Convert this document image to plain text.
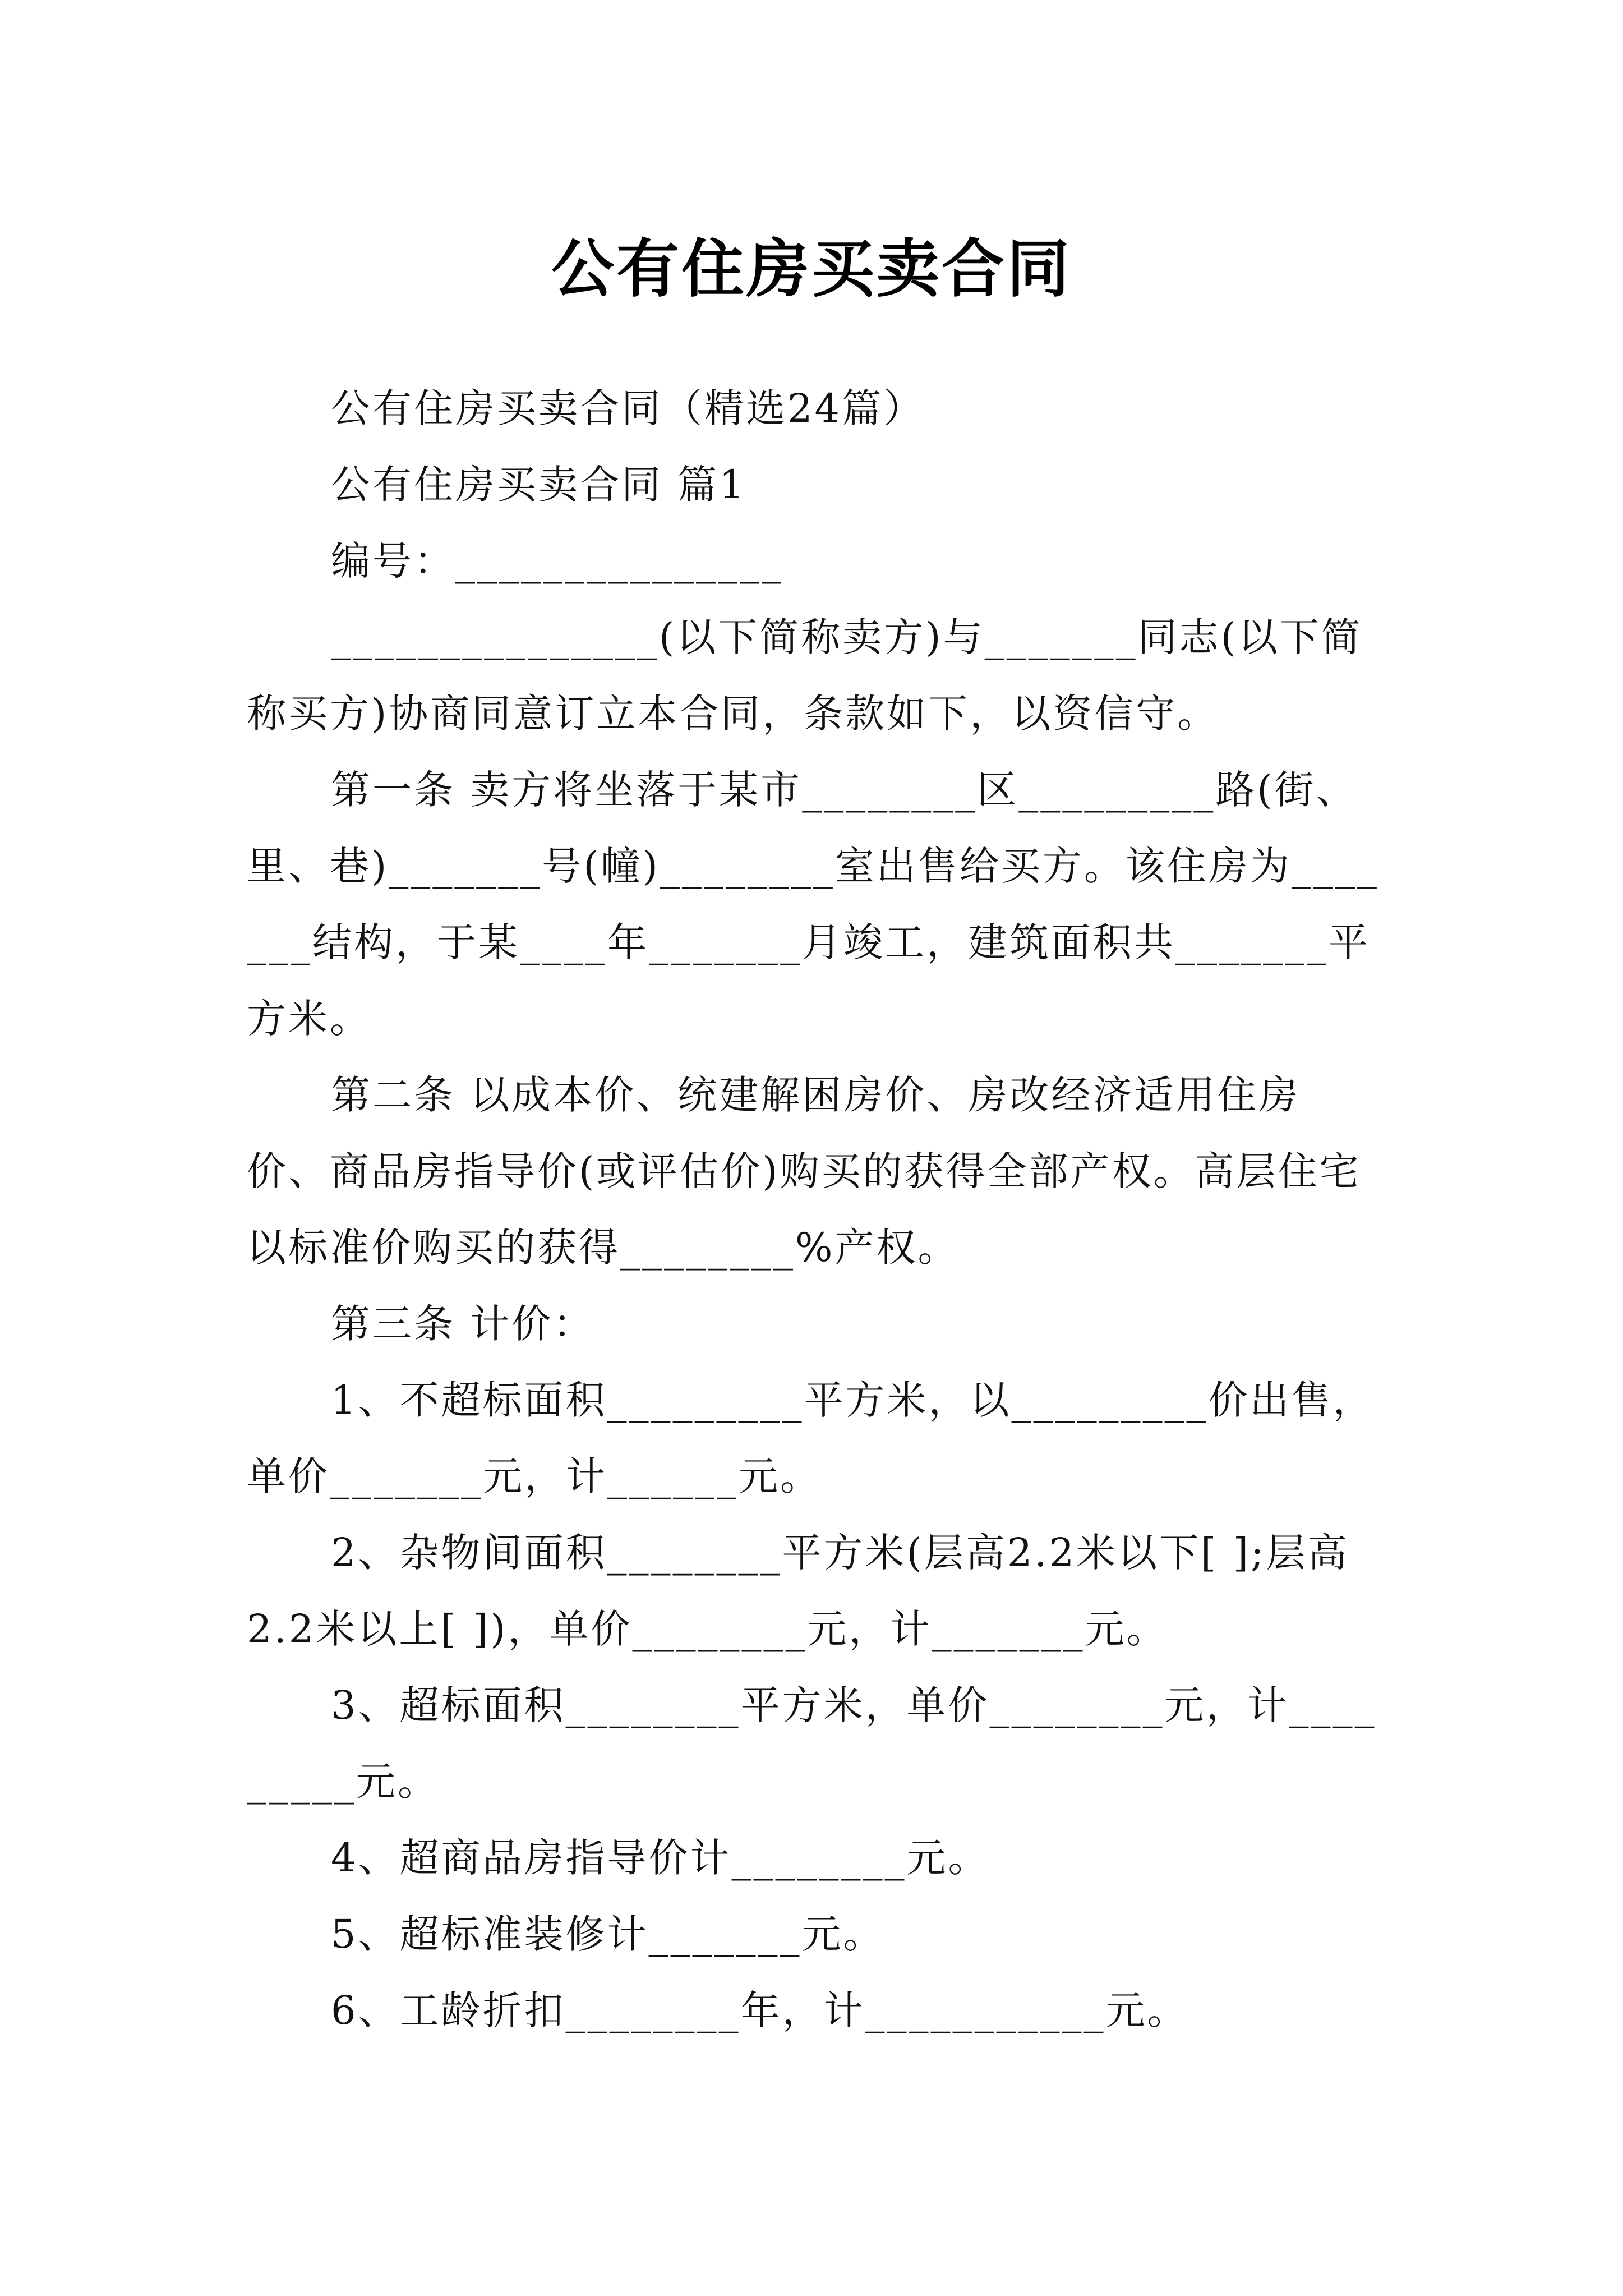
公有住房买卖合同

公有住房买卖合同（精选24篇）

公有住房买卖合同 篇1

编号：_______________

_______________(以下简称卖方)与_______同志(以下简称买方)协商同意订立本合同，条款如下，以资信守。

第一条 卖方将坐落于某市________区_________路(街、里、巷)_______号(幢)________室出售给买方。该住房为_______结构，于某____年_______月竣工，建筑面积共_______平方米。

第二条 以成本价、统建解困房价、房改经济适用住房价、商品房指导价(或评估价)购买的获得全部产权。高层住宅以标准价购买的获得________%产权。

第三条 计价：

1、不超标面积_________平方米，以_________价出售，单价_______元，计______元。

2、杂物间面积________平方米(层高2.2米以下[ ];层高2.2米以上[ ])，单价________元，计_______元。

3、超标面积________平方米，单价________元，计_________元。

4、超商品房指导价计________元。

5、超标准装修计_______元。

6、工龄折扣________年，计___________元。
